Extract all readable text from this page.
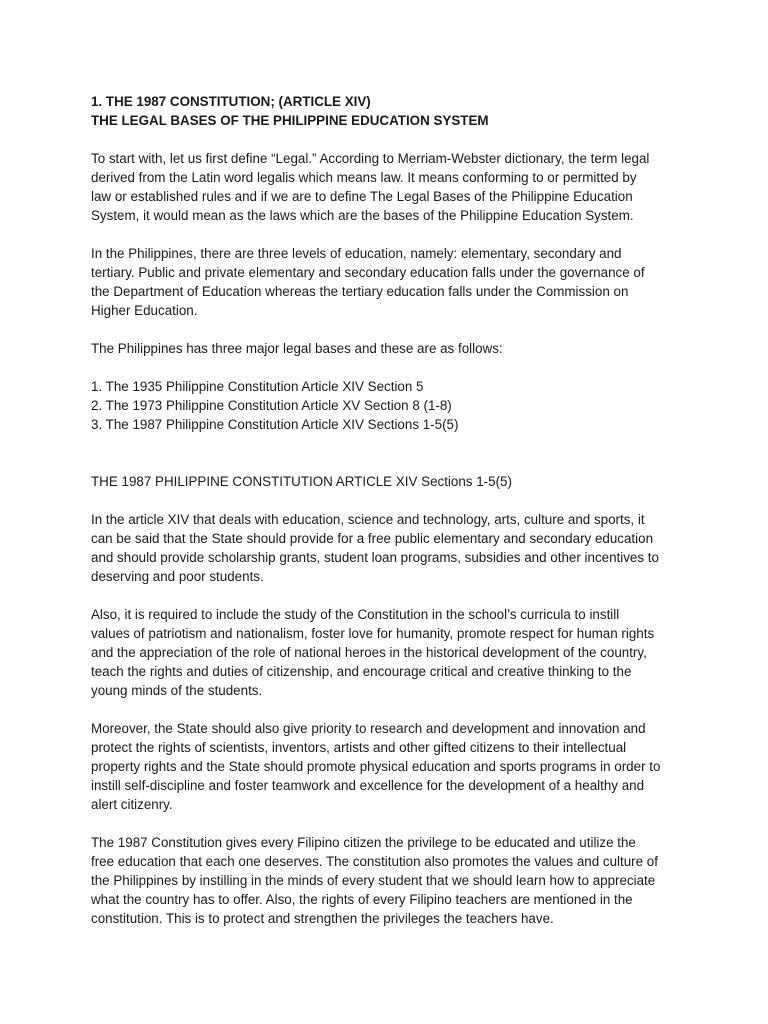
1. THE 1987 CONSTITUTION; (ARTICLE XIV)

THE LEGAL BASES OF THE PHILIPPINE EDUCATION SYSTEM

To start with, let us first define “Legal.” According to Merriam-Webster dictionary, the term legal
derived from the Latin word legalis which means law. It means conforming to or permitted by
law or established rules and if we are to define The Legal Bases of the Philippine Education
System, it would mean as the laws which are the bases of the Philippine Education System.

In the Philippines, there are three levels of education, namely: elementary, secondary and
tertiary. Public and private elementary and secondary education falls under the governance of
the Department of Education whereas the tertiary education falls under the Commission on
Higher Education.

The Philippines has three major legal bases and these are as follows:

1. The 1935 Philippine Constitution Article XIV Section 5
2. The 1973 Philippine Constitution Article XV Section 8 (1-8)
3. The 1987 Philippine Constitution Article XIV Sections 1-5(5)

THE 1987 PHILIPPINE CONSTITUTION ARTICLE XIV Sections 1-5(5)

In the article XIV that deals with education, science and technology, arts, culture and sports, it
can be said that the State should provide for a free public elementary and secondary education
and should provide scholarship grants, student loan programs, subsidies and other incentives to
deserving and poor students.

Also, it is required to include the study of the Constitution in the school’s curricula to instill
values of patriotism and nationalism, foster love for humanity, promote respect for human rights
and the appreciation of the role of national heroes in the historical development of the country,
teach the rights and duties of citizenship, and encourage critical and creative thinking to the
young minds of the students.

Moreover, the State should also give priority to research and development and innovation and
protect the rights of scientists, inventors, artists and other gifted citizens to their intellectual
property rights and the State should promote physical education and sports programs in order to
instill self-discipline and foster teamwork and excellence for the development of a healthy and
alert citizenry.

The 1987 Constitution gives every Filipino citizen the privilege to be educated and utilize the
free education that each one deserves. The constitution also promotes the values and culture of
the Philippines by instilling in the minds of every student that we should learn how to appreciate
what the country has to offer. Also, the rights of every Filipino teachers are mentioned in the
constitution. This is to protect and strengthen the privileges the teachers have.
